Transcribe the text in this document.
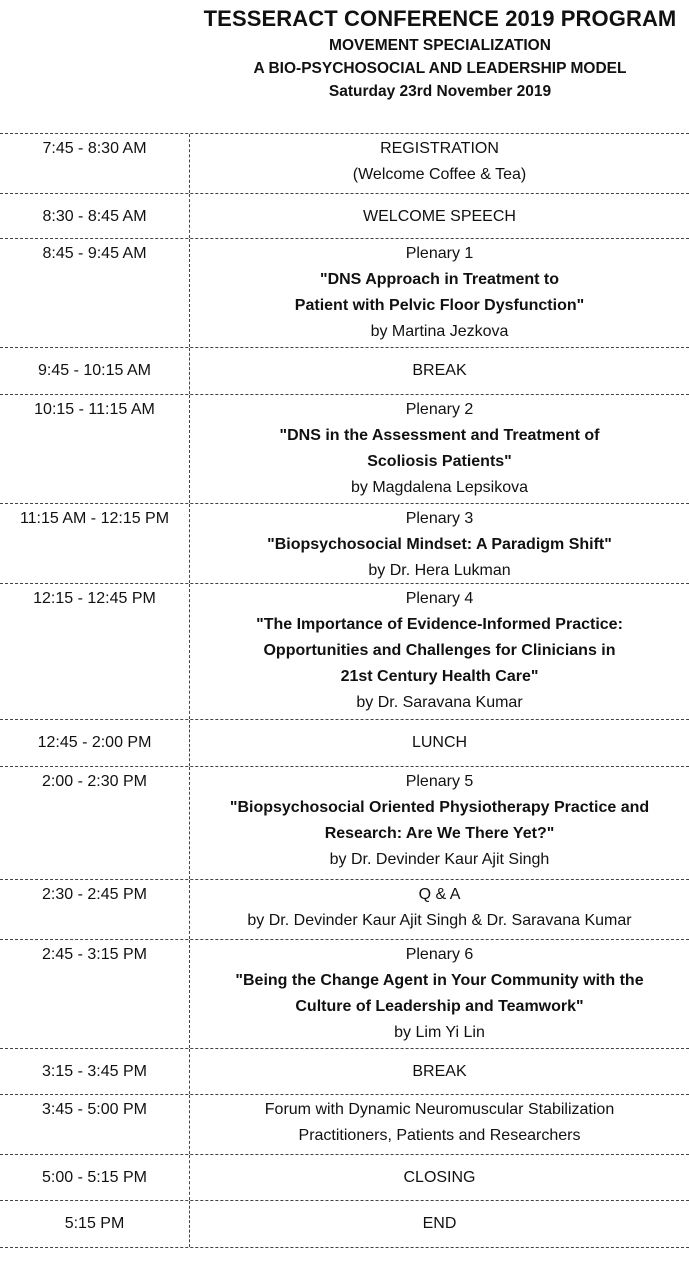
TESSERACT CONFERENCE 2019 PROGRAM
MOVEMENT SPECIALIZATION
A BIO-PSYCHOSOCIAL AND LEADERSHIP MODEL
Saturday 23rd November 2019
7:45 - 8:30 AM	REGISTRATION
(Welcome Coffee & Tea)
8:30 - 8:45 AM	WELCOME SPEECH
8:45 - 9:45 AM	Plenary 1
"DNS Approach in Treatment to
Patient with Pelvic Floor Dysfunction"
by Martina Jezkova
9:45 - 10:15 AM	BREAK
10:15 - 11:15 AM	Plenary 2
"DNS in the Assessment and Treatment of
Scoliosis Patients"
by Magdalena Lepsikova
11:15 AM - 12:15 PM	Plenary 3
"Biopsychosocial Mindset: A Paradigm Shift"
by Dr. Hera Lukman
12:15 - 12:45 PM	Plenary 4
"The Importance of Evidence-Informed Practice:
Opportunities and Challenges for Clinicians in
21st Century Health Care"
by Dr. Saravana Kumar
12:45 - 2:00 PM	LUNCH
2:00 - 2:30 PM	Plenary 5
"Biopsychosocial Oriented Physiotherapy Practice and
Research: Are We There Yet?"
by Dr. Devinder Kaur Ajit Singh
2:30 - 2:45 PM	Q & A
by Dr. Devinder Kaur Ajit Singh & Dr. Saravana Kumar
2:45 - 3:15 PM	Plenary 6
"Being the Change Agent in Your Community with the
Culture of Leadership and Teamwork"
by Lim Yi Lin
3:15 - 3:45 PM	BREAK
3:45 - 5:00 PM	Forum with Dynamic Neuromuscular Stabilization
Practitioners, Patients and Researchers
5:00 - 5:15 PM	CLOSING
5:15 PM	END
